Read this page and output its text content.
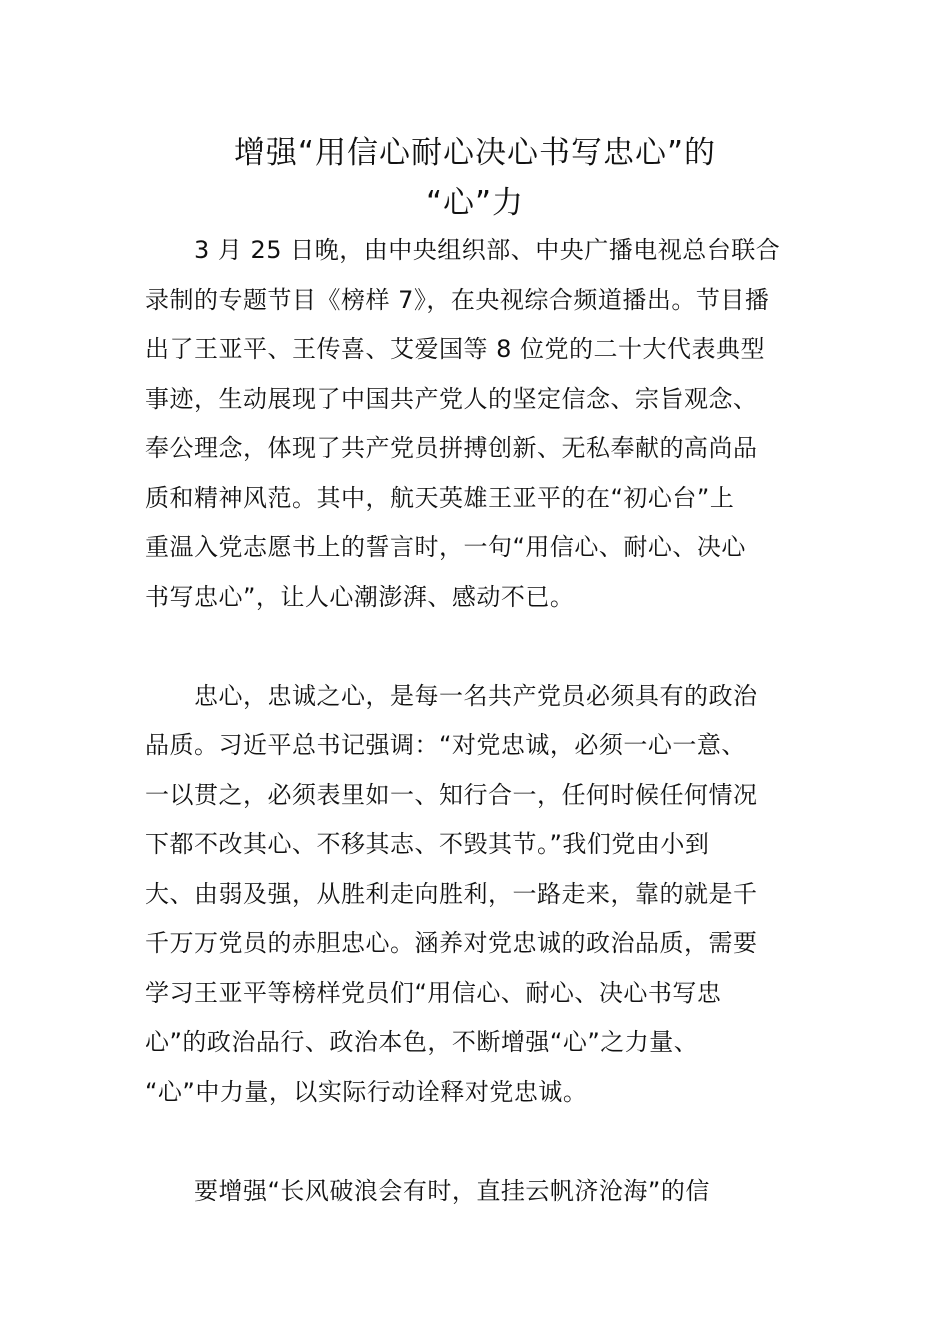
增强“用信心耐心决心书写忠心”的
“心”力
　　3 月 25 日晚，由中央组织部、中央广播电视总台联合
录制的专题节目《榜样 7》，在央视综合频道播出。节目播
出了王亚平、王传喜、艾爱国等 8 位党的二十大代表典型
事迹，生动展现了中国共产党人的坚定信念、宗旨观念、
奉公理念，体现了共产党员拼搏创新、无私奉献的高尚品
质和精神风范。其中，航天英雄王亚平的在“初心台”上
重温入党志愿书上的誓言时，一句“用信心、耐心、决心
书写忠心”，让人心潮澎湃、感动不已。
　　忠心，忠诚之心，是每一名共产党员必须具有的政治
品质。习近平总书记强调：“对党忠诚，必须一心一意、
一以贯之，必须表里如一、知行合一，任何时候任何情况
下都不改其心、不移其志、不毁其节。”我们党由小到
大、由弱及强，从胜利走向胜利，一路走来，靠的就是千
千万万党员的赤胆忠心。涵养对党忠诚的政治品质，需要
学习王亚平等榜样党员们“用信心、耐心、决心书写忠
心”的政治品行、政治本色，不断增强“心”之力量、
“心”中力量，以实际行动诠释对党忠诚。
　　要增强“长风破浪会有时，直挂云帆济沧海”的信
